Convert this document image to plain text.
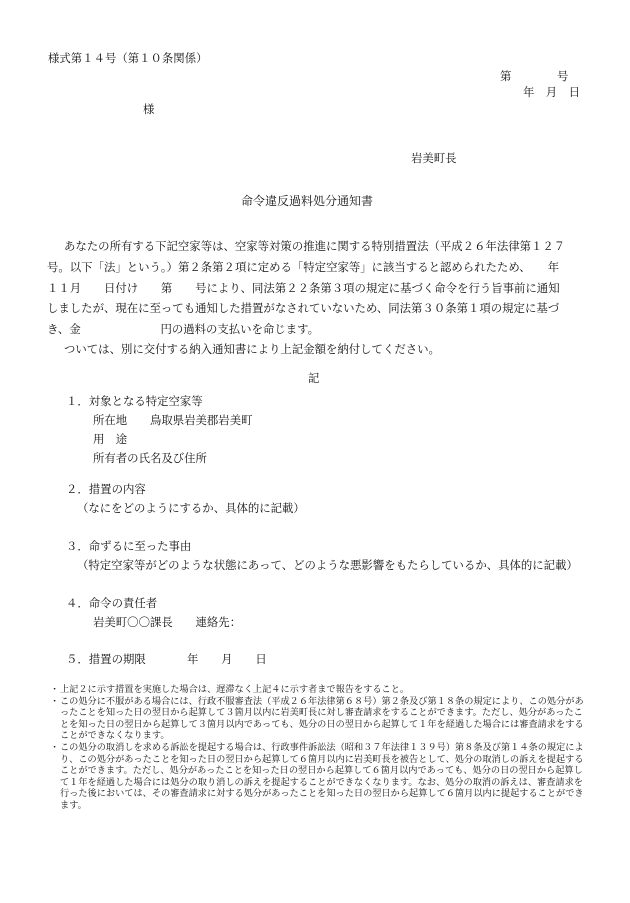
様式第１４号（第１０条関係）
第　　　　号
年　月　日
様
岩美町長
命令違反過料処分通知書
あなたの所有する下記空家等は、空家等対策の推進に関する特別措置法（平成２６年法律第１２７
号。以下「法」という。）第２条第２項に定める「特定空家等」に該当すると認められたため、　　年
１１月　　日付け　　第　　号により、同法第２２条第３項の規定に基づく命令を行う旨事前に通知
しましたが、現在に至っても通知した措置がなされていないため、同法第３０条第１項の規定に基づ
き、金　　　　　　　円の過料の支払いを命じます。
ついては、別に交付する納入通知書により上記金額を納付してください。
記
１．対象となる特定空家等
所在地　　鳥取県岩美郡岩美町
用　途
所有者の氏名及び住所
２．措置の内容
（なにをどのようにするか、具体的に記載）
３．命ずるに至った事由
（特定空家等がどのような状態にあって、どのような悪影響をもたらしているか、具体的に記載）
４．命令の責任者
岩美町〇〇課長　　連絡先：
５．措置の期限	年　　月　　日

・ 上記２に示す措置を実施した場合は、遅滞なく上記４に示す者まで報告をすること。

・ この処分に不服がある場合には、行政不服審査法（平成２６年法律第６８号）第２条及び第１８条の規定により、この処分があったことを知った日の翌日から起算して３箇月以内に岩美町長に対し審査請求をすることができます。ただし、処分があったことを知った日の翌日から起算して３箇月以内であっても、処分の日の翌日から起算して１年を経過した場合には審査請求をすることができなくなります。

・ この処分の取消しを求める訴訟を提起する場合は、行政事件訴訟法（昭和３７年法律１３９号）第８条及び第１４条の規定により、この処分があったことを知った日の翌日から起算して６箇月以内に岩美町長を被告として、処分の取消しの訴えを提起することができます。ただし、処分があったことを知った日の翌日から起算して６箇月以内であっても、処分の日の翌日から起算して１年を経過した場合には処分の取り消しの訴えを提起することができなくなります。なお、処分の取消の訴えは、審査請求を行った後においては、その審査請求に対する処分があったことを知った日の翌日から起算して６箇月以内に提起することができます。
